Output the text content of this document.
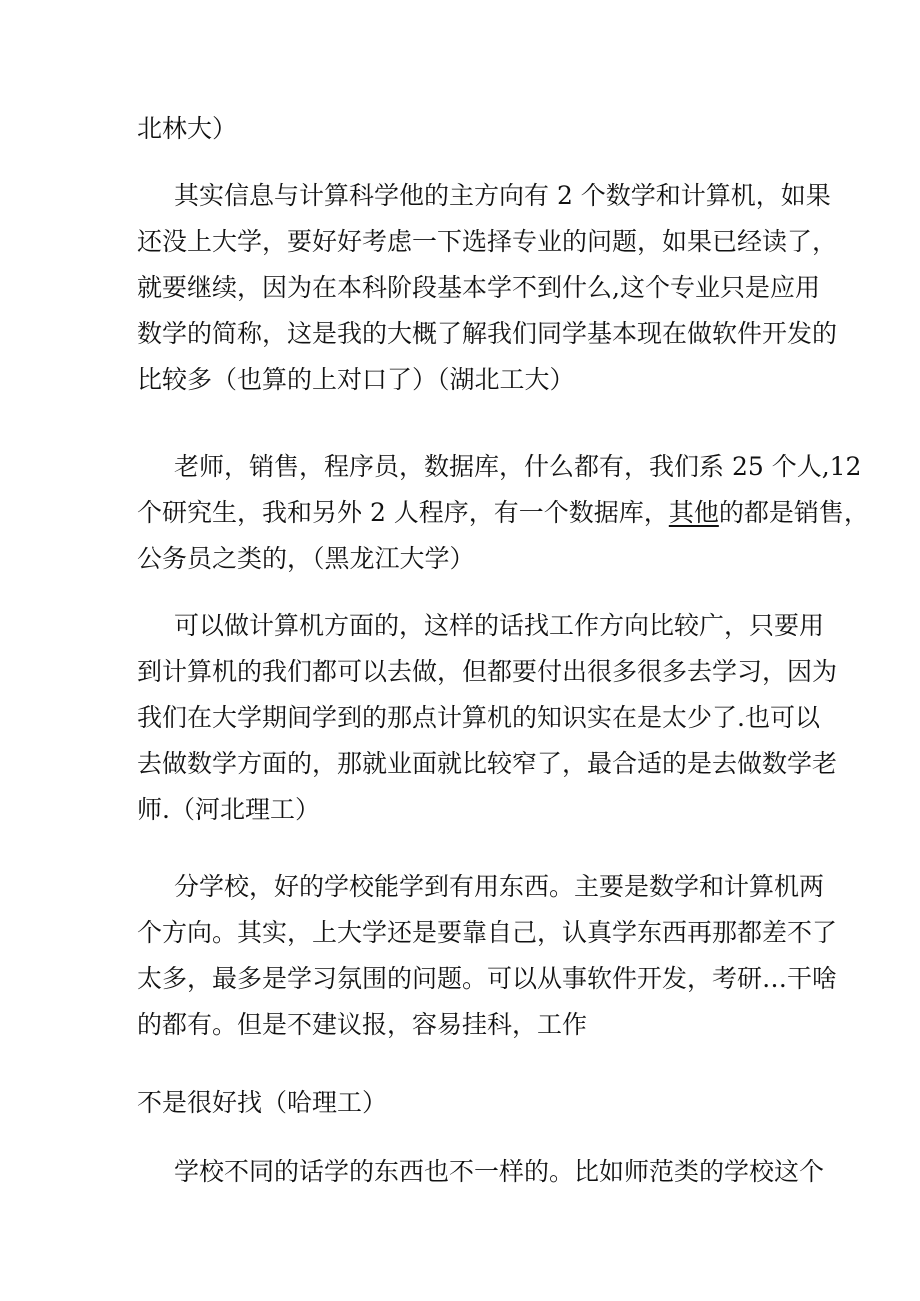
北林大）
其实信息与计算科学他的主方向有 2 个数学和计算机，如果
还没上大学，要好好考虑一下选择专业的问题，如果已经读了，
就要继续，因为在本科阶段基本学不到什么,这个专业只是应用
数学的简称，这是我的大概了解我们同学基本现在做软件开发的
比较多（也算的上对口了）（湖北工大）
老师，销售，程序员，数据库，什么都有，我们系 25 个人,12
个研究生，我和另外 2 人程序，有一个数据库，其他的都是销售，
公务员之类的，（黑龙江大学）
可以做计算机方面的，这样的话找工作方向比较广，只要用
到计算机的我们都可以去做，但都要付出很多很多去学习，因为
我们在大学期间学到的那点计算机的知识实在是太少了.也可以
去做数学方面的，那就业面就比较窄了，最合适的是去做数学老
师.（河北理工）
分学校，好的学校能学到有用东西。主要是数学和计算机两
个方向。其实，上大学还是要靠自己，认真学东西再那都差不了
太多，最多是学习氛围的问题。可以从事软件开发，考研…干啥
的都有。但是不建议报，容易挂科，工作
不是很好找（哈理工）
学校不同的话学的东西也不一样的。比如师范类的学校这个
